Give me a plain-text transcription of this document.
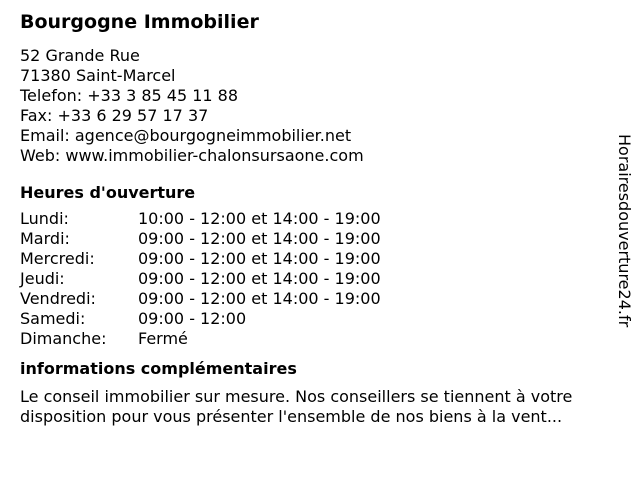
Bourgogne Immobilier
52 Grande Rue
71380 Saint-Marcel
Telefon: +33 3 85 45 11 88
Fax: +33 6 29 57 17 37
Email: agence@bourgogneimmobilier.net
Web: www.immobilier-chalonsursaone.com
Heures d'ouverture
Lundi:	10:00 - 12:00 et 14:00 - 19:00
Mardi:	09:00 - 12:00 et 14:00 - 19:00
Mercredi:	09:00 - 12:00 et 14:00 - 19:00
Jeudi:	09:00 - 12:00 et 14:00 - 19:00
Vendredi:	09:00 - 12:00 et 14:00 - 19:00
Samedi:	09:00 - 12:00
Dimanche:	Fermé
informations complémentaires
Le conseil immobilier sur mesure. Nos conseillers se tiennent à votre disposition pour vous présenter l'ensemble de nos biens à la vent...
Horairesdouverture24.fr
